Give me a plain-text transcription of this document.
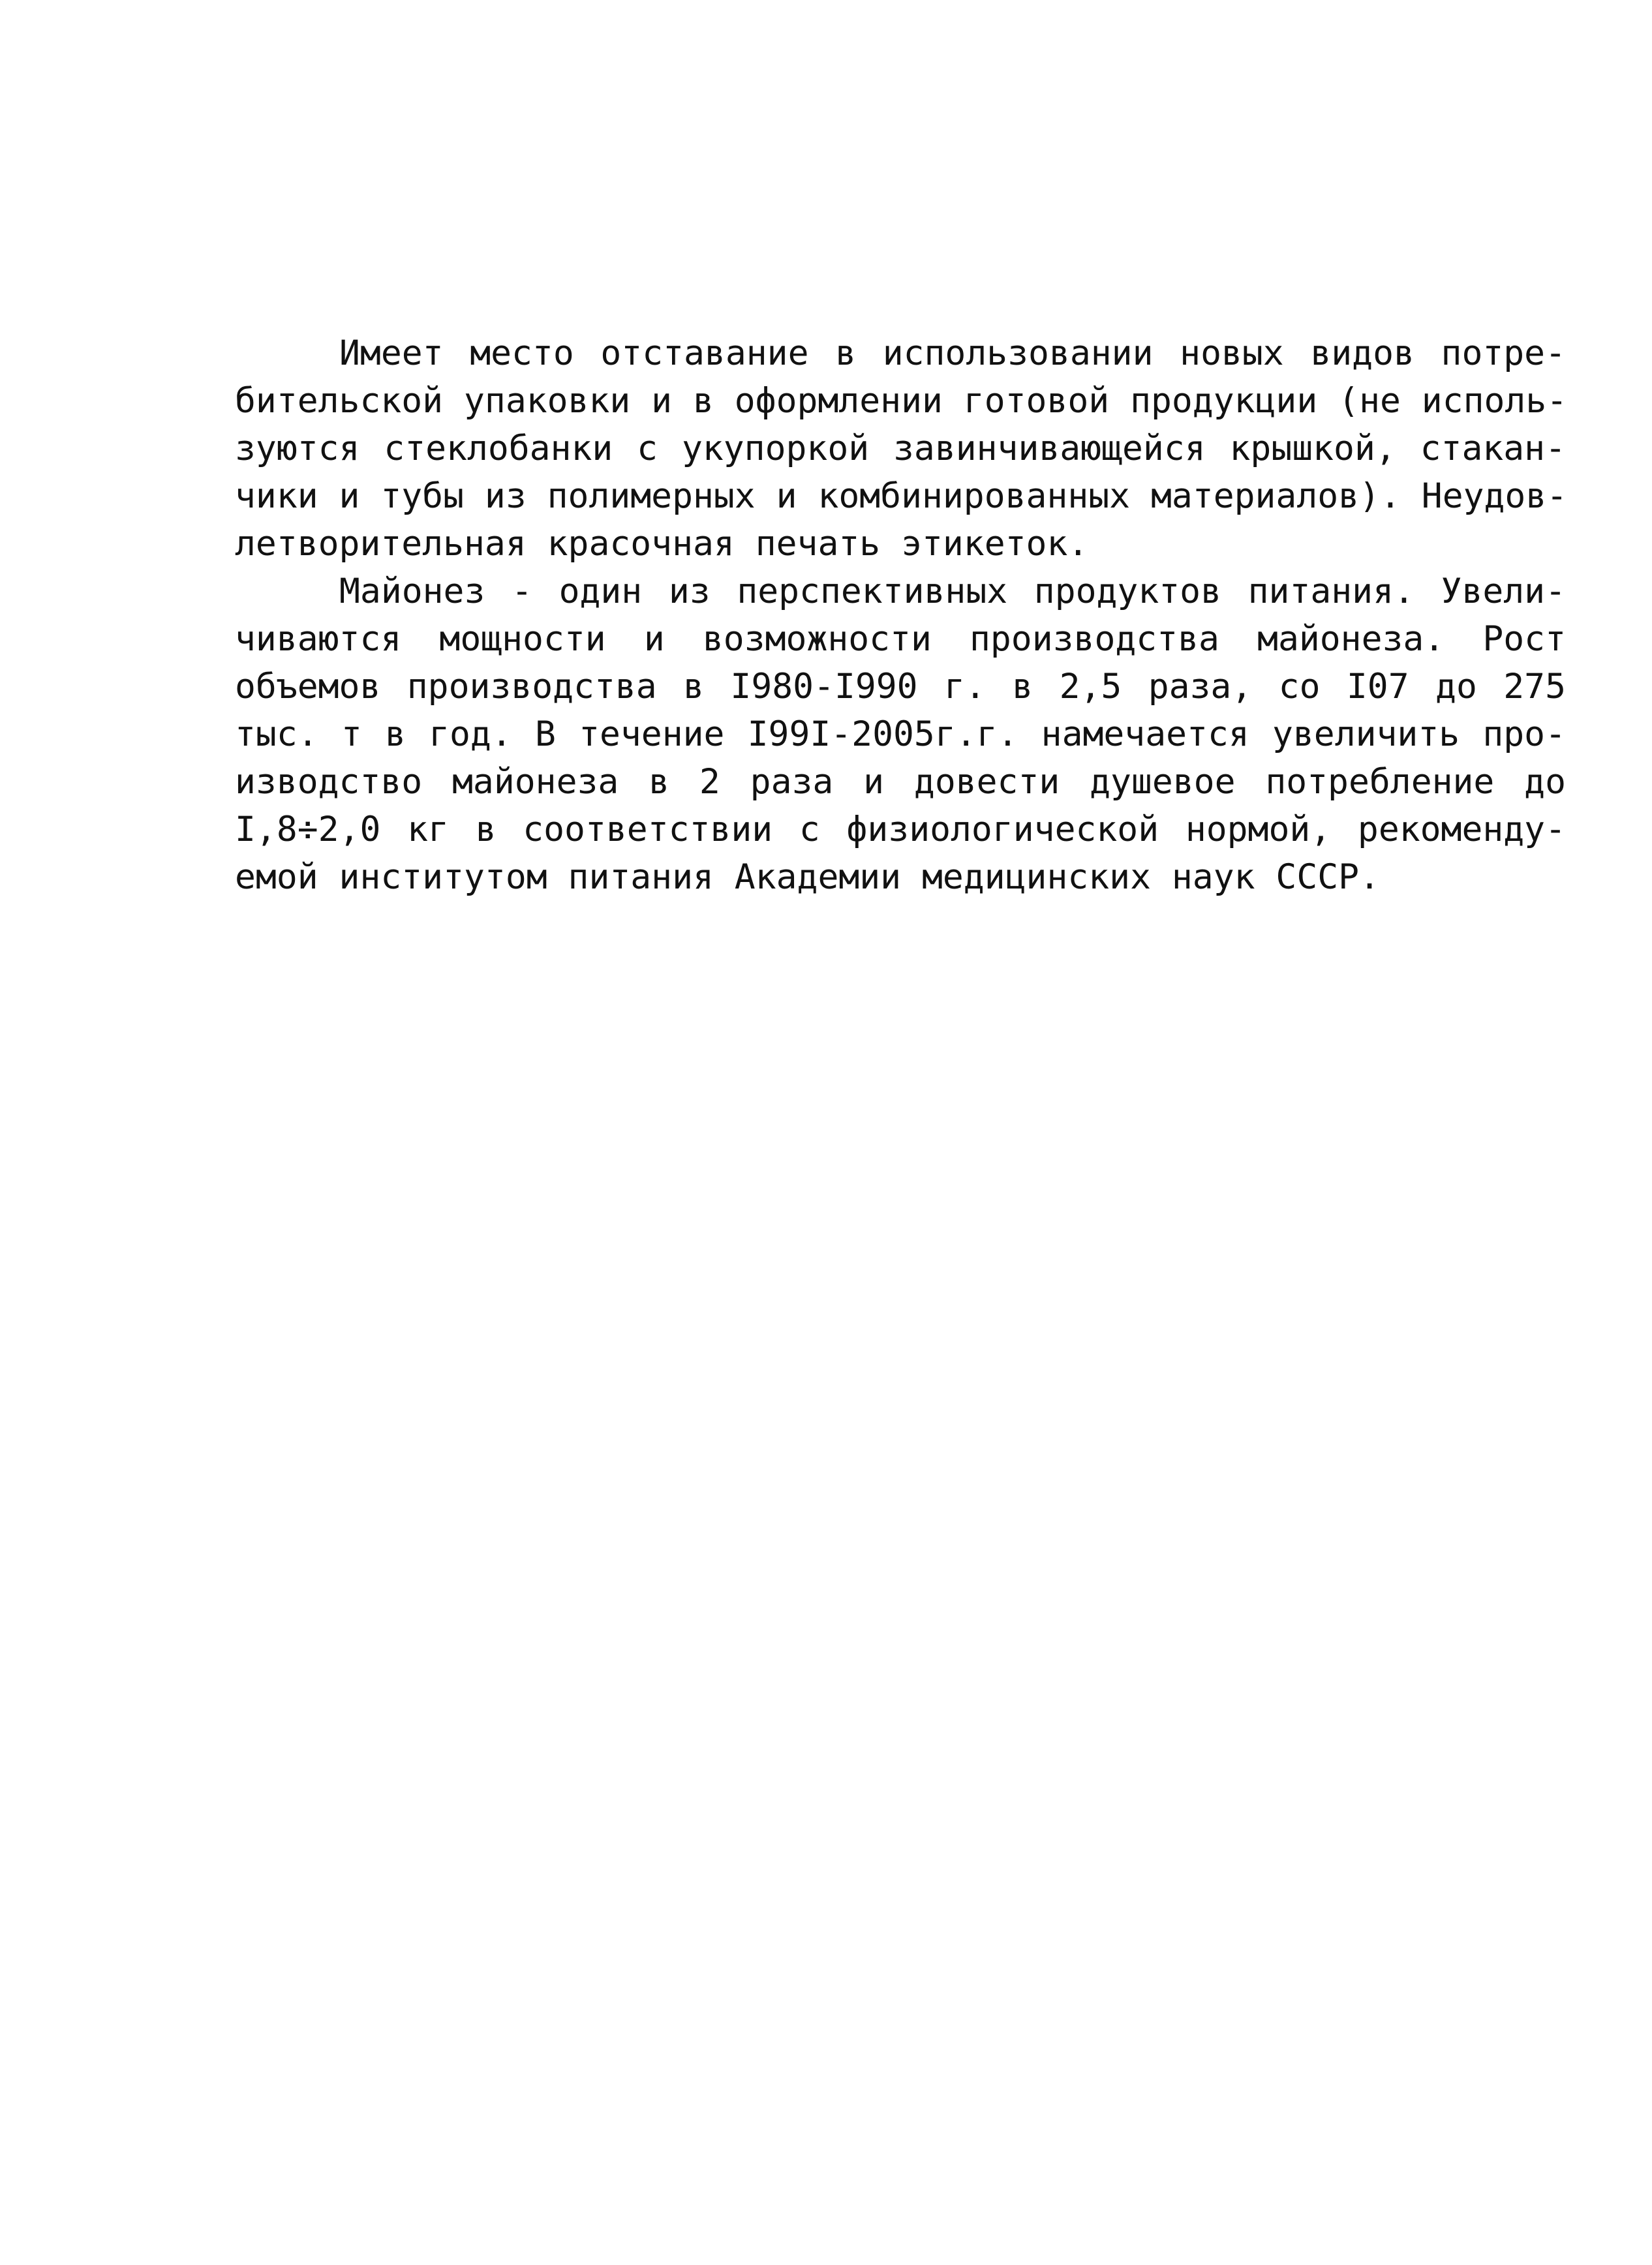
Имеет место отставание в использовании новых видов потре-
бительской упаковки и в оформлении готовой продукции (не исполь-
зуются стеклобанки с укупоркой завинчивающейся крышкой, стакан-
чики и тубы из полимерных и комбинированных материалов). Неудов-
летворительная красочная печать этикеток.
Майонез - один из перспективных продуктов питания. Увели-
чиваются мощности и возможности производства майонеза. Рост
объемов производства в I980-I990 г. в 2,5 раза, со I07 до 275
тыс. т в год. В течение I99I-2005г.г. намечается увеличить про-
изводство майонеза в 2 раза и довести душевое потребление до
I,8÷2,0 кг в соответствии с физиологической нормой, рекоменду-
емой институтом питания Академии медицинских наук СССР.
